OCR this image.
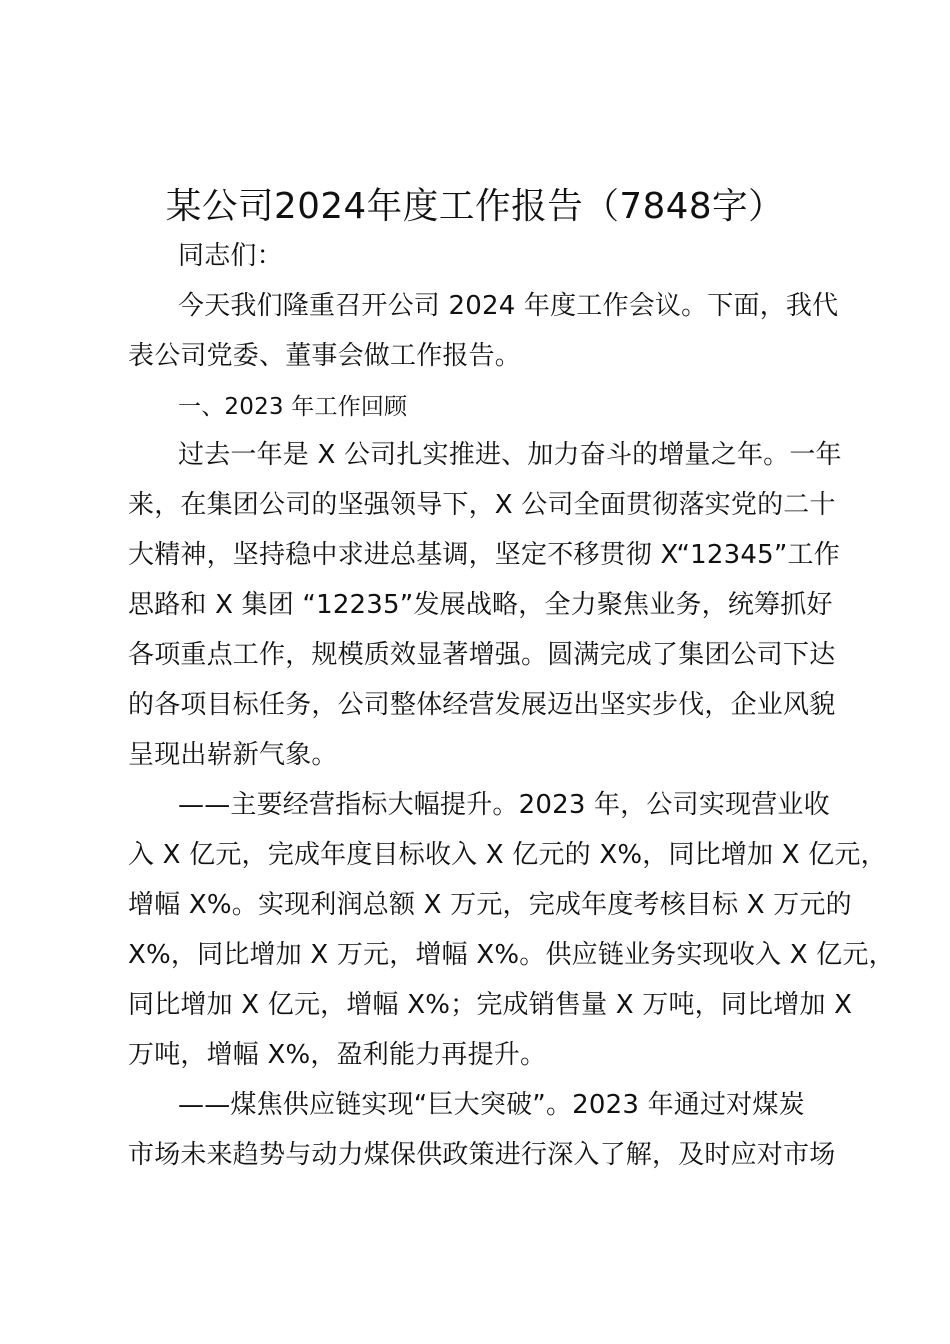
某公司2024年度工作报告（7848字）
同志们：
今天我们隆重召开公司 2024 年度工作会议。下面，我代
表公司党委、董事会做工作报告。
一、2023 年工作回顾
过去一年是 X 公司扎实推进、加力奋斗的增量之年。一年
来，在集团公司的坚强领导下，X 公司全面贯彻落实党的二十
大精神，坚持稳中求进总基调，坚定不移贯彻 X“12345”工作
思路和 X 集团 “12235”发展战略，全力聚焦业务，统筹抓好
各项重点工作，规模质效显著增强。圆满完成了集团公司下达
的各项目标任务，公司整体经营发展迈出坚实步伐，企业风貌
呈现出崭新气象。
——主要经营指标大幅提升。2023 年，公司实现营业收
入 X 亿元，完成年度目标收入 X 亿元的 X%，同比增加 X 亿元，
增幅 X%。实现利润总额 X 万元，完成年度考核目标 X 万元的
X%，同比增加 X 万元，增幅 X%。供应链业务实现收入 X 亿元，
同比增加 X 亿元，增幅 X%；完成销售量 X 万吨，同比增加 X
万吨，增幅 X%，盈利能力再提升。
——煤焦供应链实现“巨大突破”。2023 年通过对煤炭
市场未来趋势与动力煤保供政策进行深入了解，及时应对市场
